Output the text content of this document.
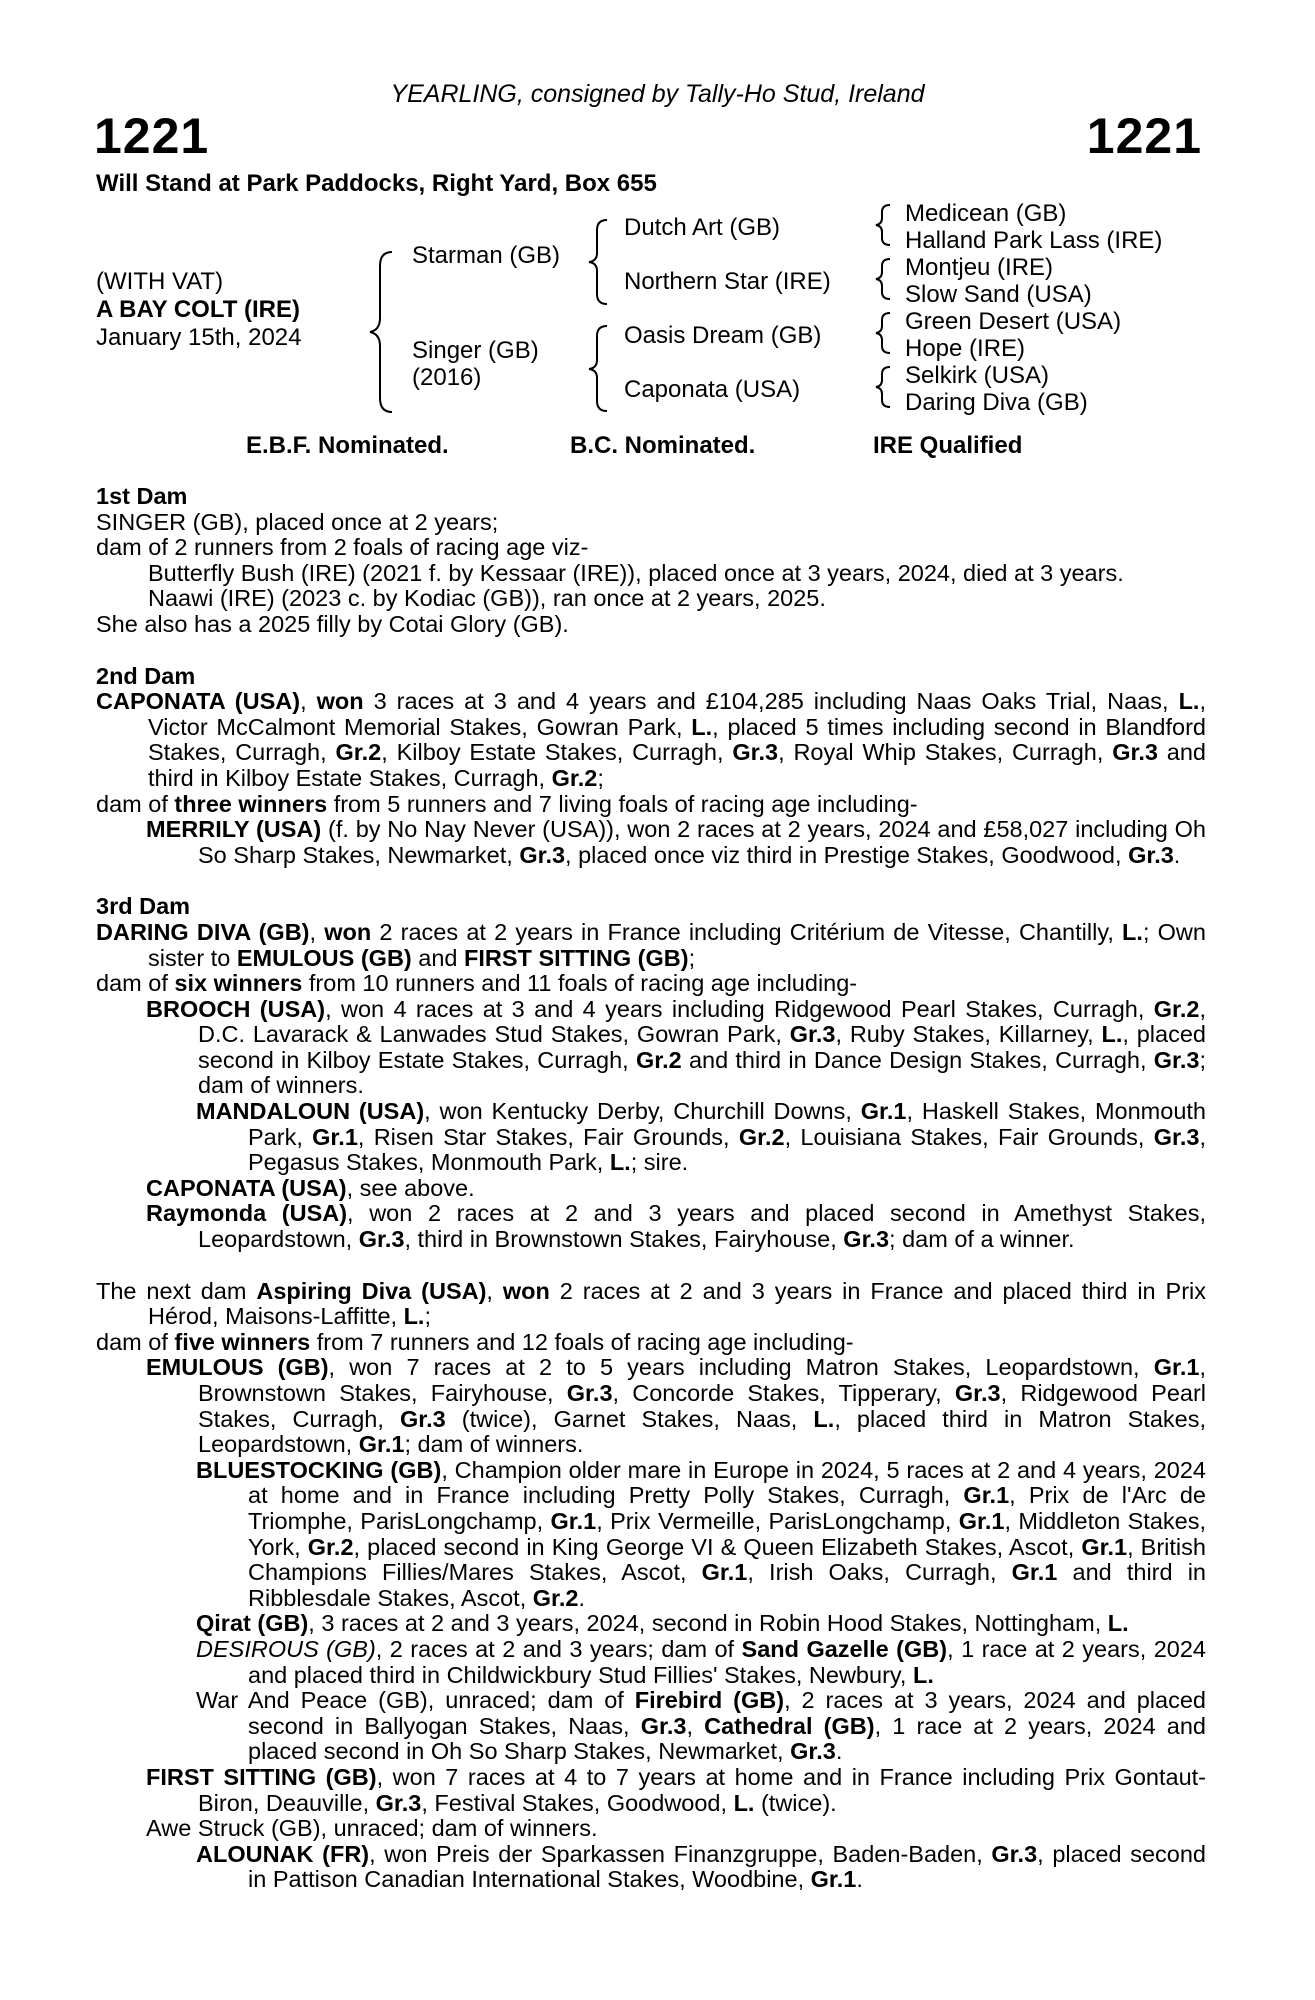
YEARLING, consigned by Tally-Ho Stud, Ireland
1221	1221
Will Stand at Park Paddocks, Right Yard, Box 655
(WITH VAT)
A BAY COLT (IRE)
January 15th, 2024
Starman (GB)
Singer (GB)
(2016)
Dutch Art (GB)
Northern Star (IRE)
Oasis Dream (GB)
Caponata (USA)
Medicean (GB)
Halland Park Lass (IRE)
Montjeu (IRE)
Slow Sand (USA)
Green Desert (USA)
Hope (IRE)
Selkirk (USA)
Daring Diva (GB)
E.B.F. Nominated.	B.C. Nominated.	IRE Qualified

1st Dam

SINGER (GB), placed once at 2 years;

dam of 2 runners from 2 foals of racing age viz-

Butterfly Bush (IRE) (2021 f. by Kessaar (IRE)), placed once at 3 years, 2024, died at 3 years.

Naawi (IRE) (2023 c. by Kodiac (GB)), ran once at 2 years, 2025.

She also has a 2025 filly by Cotai Glory (GB).

2nd Dam

CAPONATA (USA), won 3 races at 3 and 4 years and £104,285 including Naas Oaks Trial, Naas, L., Victor McCalmont Memorial Stakes, Gowran Park, L., placed 5 times including second in Blandford Stakes, Curragh, Gr.2, Kilboy Estate Stakes, Curragh, Gr.3, Royal Whip Stakes, Curragh, Gr.3 and third in Kilboy Estate Stakes, Curragh, Gr.2;

dam of three winners from 5 runners and 7 living foals of racing age including-

MERRILY (USA) (f. by No Nay Never (USA)), won 2 races at 2 years, 2024 and £58,027 including Oh So Sharp Stakes, Newmarket, Gr.3, placed once viz third in Prestige Stakes, Goodwood, Gr.3.

3rd Dam

DARING DIVA (GB), won 2 races at 2 years in France including Critérium de Vitesse, Chantilly, L.; Own sister to EMULOUS (GB) and FIRST SITTING (GB);

dam of six winners from 10 runners and 11 foals of racing age including-

BROOCH (USA), won 4 races at 3 and 4 years including Ridgewood Pearl Stakes, Curragh, Gr.2, D.C. Lavarack & Lanwades Stud Stakes, Gowran Park, Gr.3, Ruby Stakes, Killarney, L., placed second in Kilboy Estate Stakes, Curragh, Gr.2 and third in Dance Design Stakes, Curragh, Gr.3; dam of winners.

MANDALOUN (USA), won Kentucky Derby, Churchill Downs, Gr.1, Haskell Stakes, Monmouth Park, Gr.1, Risen Star Stakes, Fair Grounds, Gr.2, Louisiana Stakes, Fair Grounds, Gr.3, Pegasus Stakes, Monmouth Park, L.; sire.

CAPONATA (USA), see above.

Raymonda (USA), won 2 races at 2 and 3 years and placed second in Amethyst Stakes, Leopardstown, Gr.3, third in Brownstown Stakes, Fairyhouse, Gr.3; dam of a winner.

The next dam Aspiring Diva (USA), won 2 races at 2 and 3 years in France and placed third in Prix Hérod, Maisons-Laffitte, L.;

dam of five winners from 7 runners and 12 foals of racing age including-

EMULOUS (GB), won 7 races at 2 to 5 years including Matron Stakes, Leopardstown, Gr.1, Brownstown Stakes, Fairyhouse, Gr.3, Concorde Stakes, Tipperary, Gr.3, Ridgewood Pearl Stakes, Curragh, Gr.3 (twice), Garnet Stakes, Naas, L., placed third in Matron Stakes, Leopardstown, Gr.1; dam of winners.

BLUESTOCKING (GB), Champion older mare in Europe in 2024, 5 races at 2 and 4 years, 2024 at home and in France including Pretty Polly Stakes, Curragh, Gr.1, Prix de l'Arc de Triomphe, ParisLongchamp, Gr.1, Prix Vermeille, ParisLongchamp, Gr.1, Middleton Stakes, York, Gr.2, placed second in King George VI & Queen Elizabeth Stakes, Ascot, Gr.1, British Champions Fillies/Mares Stakes, Ascot, Gr.1, Irish Oaks, Curragh, Gr.1 and third in Ribblesdale Stakes, Ascot, Gr.2.

Qirat (GB), 3 races at 2 and 3 years, 2024, second in Robin Hood Stakes, Nottingham, L.

DESIROUS (GB), 2 races at 2 and 3 years; dam of Sand Gazelle (GB), 1 race at 2 years, 2024 and placed third in Childwickbury Stud Fillies' Stakes, Newbury, L.

War And Peace (GB), unraced; dam of Firebird (GB), 2 races at 3 years, 2024 and placed second in Ballyogan Stakes, Naas, Gr.3, Cathedral (GB), 1 race at 2 years, 2024 and placed second in Oh So Sharp Stakes, Newmarket, Gr.3.

FIRST SITTING (GB), won 7 races at 4 to 7 years at home and in France including Prix Gontaut-Biron, Deauville, Gr.3, Festival Stakes, Goodwood, L. (twice).

Awe Struck (GB), unraced; dam of winners.

ALOUNAK (FR), won Preis der Sparkassen Finanzgruppe, Baden-Baden, Gr.3, placed second in Pattison Canadian International Stakes, Woodbine, Gr.1.
